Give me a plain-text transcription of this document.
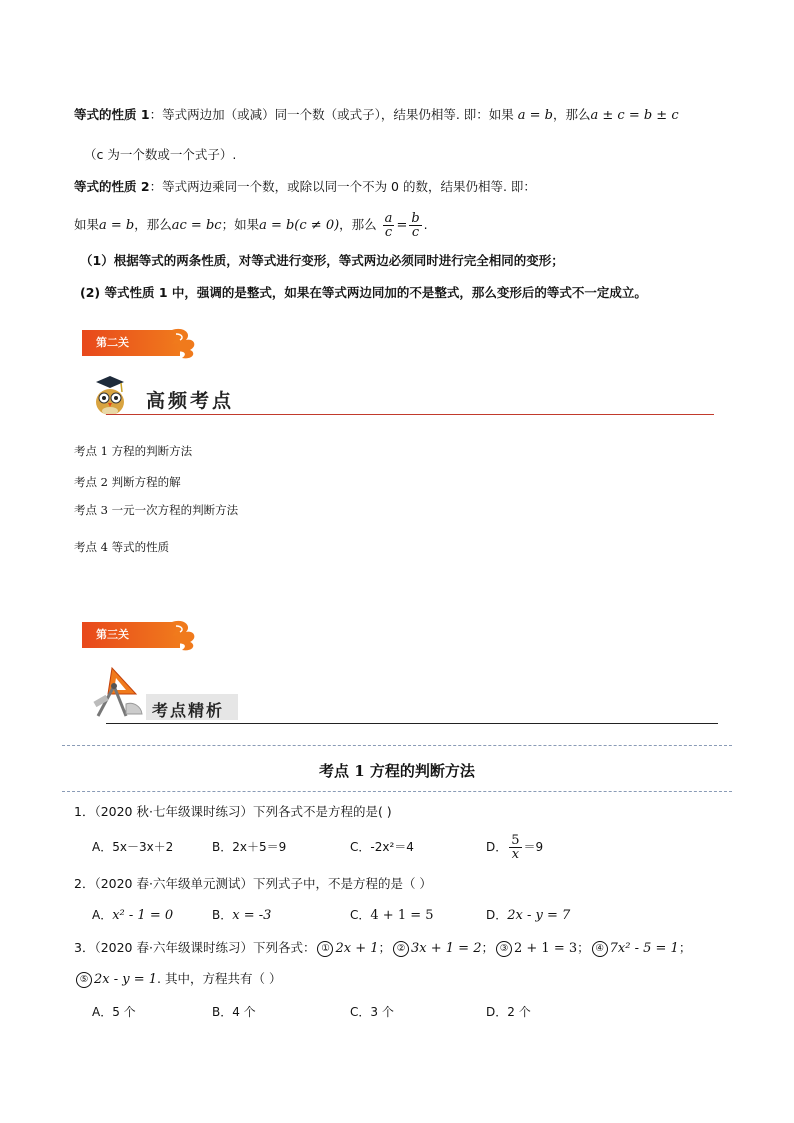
等式的性质 1：等式两边加（或减）同一个数（或式子），结果仍相等. 即：如果 a = b，那么a ± c = b ± c
（c 为一个数或一个式子）.
等式的性质 2：等式两边乘同一个数，或除以同一个不为 0 的数，结果仍相等. 即：
如果a = b，那么ac = bc；如果a = b(c ≠ 0)，那么 $\frac{a}{c} = \frac{b}{c}$ .
（1）根据等式的两条性质，对等式进行变形，等式两边必须同时进行完全相同的变形；
(2) 等式性质 1 中，强调的是整式，如果在等式两边同加的不是整式，那么变形后的等式不一定成立。
第二关
高频考点
考点 1 方程的判断方法
考点 2 判断方程的解
考点 3 一元一次方程的判断方法
考点 4 等式的性质
第三关
考点精析
考点 1 方程的判断方法
1．（2020 秋·七年级课时练习）下列各式不是方程的是( )
A．5x－3x＋2	B．2x＋5＝9	C．-2x²＝4	D． $\frac{5}{x} =9$
2．（2020 春·六年级单元测试）下列式子中，不是方程的是（ ）
A．x² - 1 = 0	B．x = -3	C．4 + 1 = 5	D．2x - y = 7
3．（2020 春·六年级课时练习）下列各式： ① 2x + 1； ② 3x + 1 = 2； ③ 2 + 1 = 3； ④ 7x² - 5 = 1；
⑤ 2x - y = 1. 其中，方程共有（ ）
A．5 个	B．4 个	C．3 个	D．2 个
